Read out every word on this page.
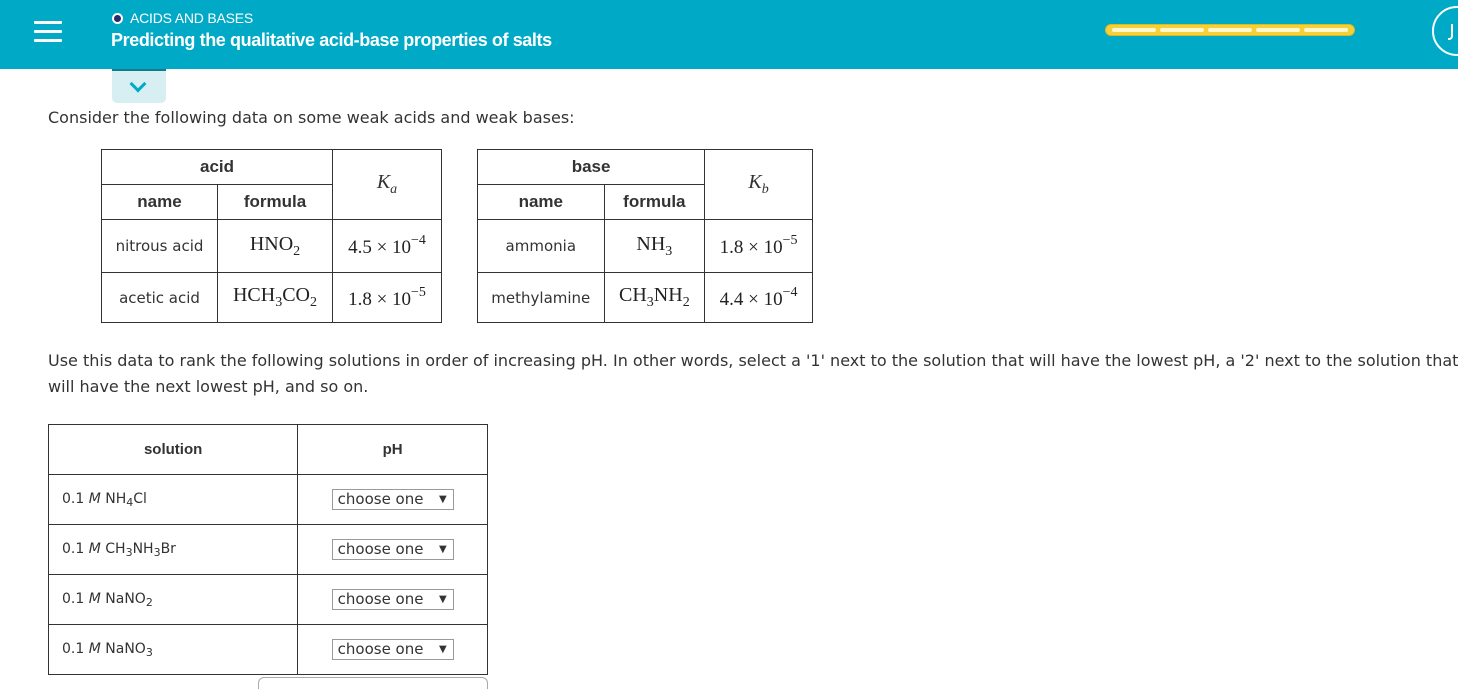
ACIDS AND BASES
Predicting the qualitative acid-base properties of salts
Consider the following data on some weak acids and weak bases:
acid		$K_a$
name	formula	
nitrous acid	$HNO_2$	$4.5 \times 10^{-4}$
acetic acid	$HCH_3CO_2$	$1.8 \times 10^{-5}$
base		$K_b$
name	formula	
ammonia	$NH_3$	$1.8 \times 10^{-5}$
methylamine	$CH_3NH_2$	$4.4 \times 10^{-4}$
Use this data to rank the following solutions in order of increasing pH. In other words, select a '1' next to the solution that will have the lowest pH, a '2' next to the solution that will have the next lowest pH, and so on.
solution	pH
0.1 M $NH_4Cl$	choose one ▼

0.1 M $CH_3NH_3Br$	choose one ▼

0.1 M NaNO$_2$	choose one ▼

0.1 M NaNO$_3$	choose one ▼
